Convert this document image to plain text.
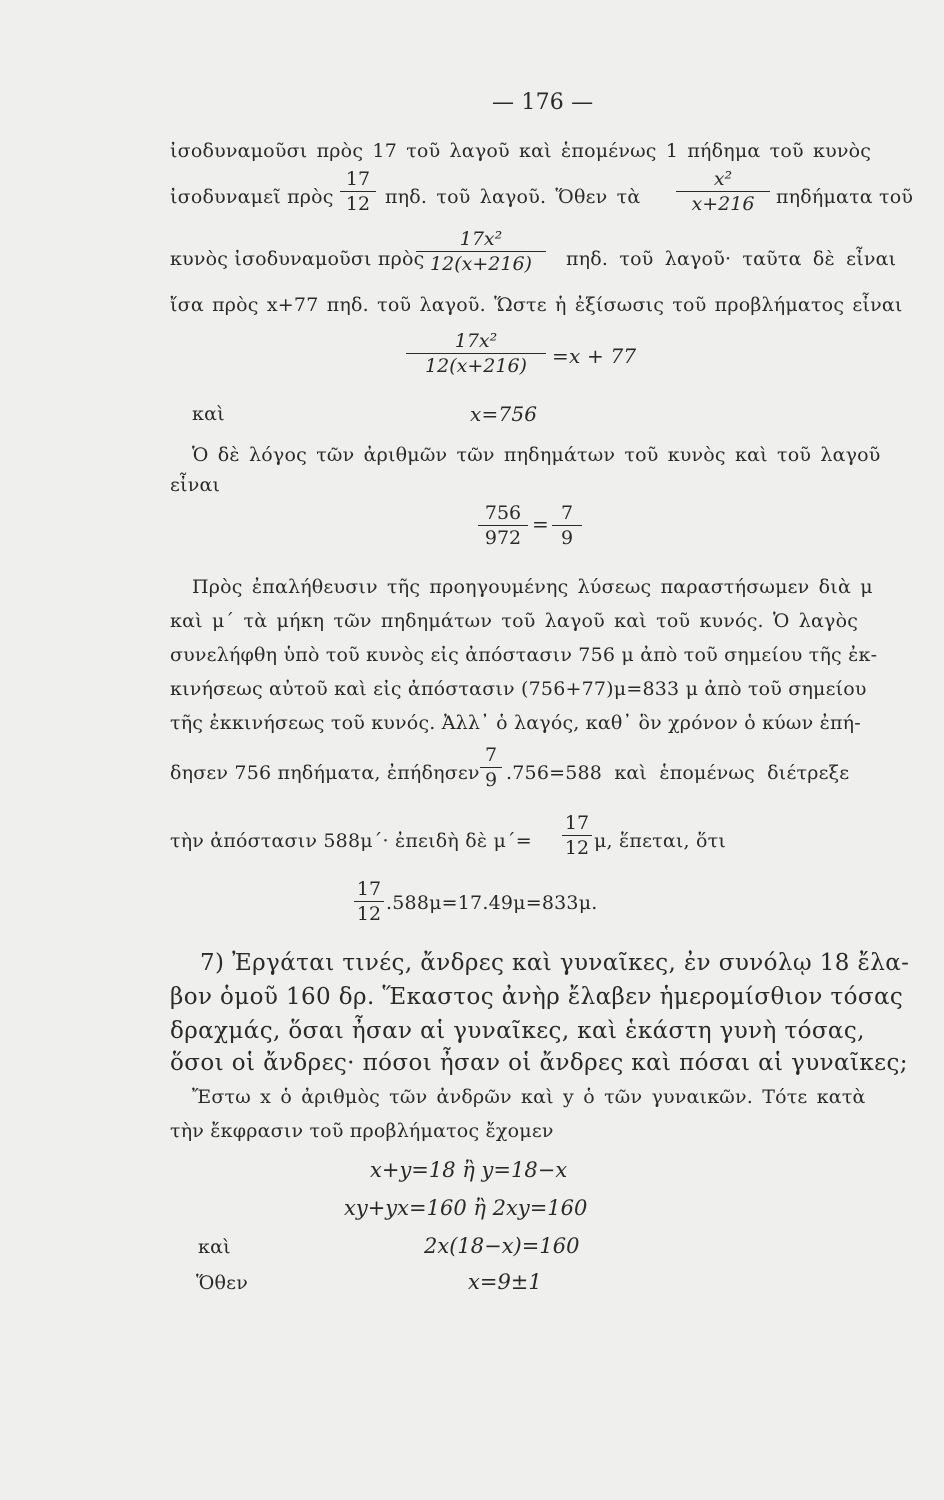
— 176 —
ἰσοδυναμοῦσι πρὸς 17 τοῦ λαγοῦ καὶ ἑπομένως 1 πήδημα τοῦ κυνὸς
ἰσοδυναμεῖ πρὸς
17
12 πηδ. τοῦ λαγοῦ. Ὅθεν τὰ
x²
x+216	πηδήματα τοῦ
κυνὸς ἰσοδυναμοῦσι πρὸς
17x²
12(x+216)	πηδ. τοῦ λαγοῦ· ταῦτα δὲ εἶναι
ἴσα πρὸς x+77 πηδ. τοῦ λαγοῦ. Ὥστε ἡ ἐξίσωσις τοῦ προβλήματος εἶναι
17x²
12(x+216)	=x + 77
καὶ	x=756
Ὁ δὲ λόγος τῶν ἀριθμῶν τῶν πηδημάτων τοῦ κυνὸς καὶ τοῦ λαγοῦ
εἶναι
756
972
= 7
9
Πρὸς ἐπαλήθευσιν τῆς προηγουμένης λύσεως παραστήσωμεν διὰ μ
καὶ μ΄ τὰ μήκη τῶν πηδημάτων τοῦ λαγοῦ καὶ τοῦ κυνός. Ὁ λαγὸς
συνελήφθη ὑπὸ τοῦ κυνὸς εἰς ἀπόστασιν 756 μ ἀπὸ τοῦ σημείου τῆς ἐκ-
κινήσεως αὐτοῦ καὶ εἰς ἀπόστασιν (756+77)μ=833 μ ἀπὸ τοῦ σημείου
τῆς ἐκκινήσεως τοῦ κυνός. Ἀλλ᾽ ὁ λαγός, καθ᾽ ὃν χρόνον ὁ κύων ἐπή-
δησεν 756 πηδήματα, ἐπήδησεν
7
9 .756=588 καὶ ἑπομένως διέτρεξε
τὴν ἀπόστασιν 588μ΄· ἐπειδὴ δὲ μ΄=
17
12 μ, ἕπεται, ὅτι
17
12 .588μ=17.49μ=833μ.
7) Ἐργάται τινές, ἄνδρες καὶ γυναῖκες, ἐν συνόλῳ 18 ἔλα-
βον ὁμοῦ 160 δρ. Ἕκαστος ἀνὴρ ἔλαβεν ἡμερομίσθιον τόσας
δραχμάς, ὅσαι ἦσαν αἱ γυναῖκες, καὶ ἑκάστη γυνὴ τόσας,
ὅσοι οἱ ἄνδρες· πόσοι ἦσαν οἱ ἄνδρες καὶ πόσαι αἱ γυναῖκες;
Ἔστω x ὁ ἀριθμὸς τῶν ἀνδρῶν καὶ y ὁ τῶν γυναικῶν. Τότε κατὰ
τὴν ἔκφρασιν τοῦ προβλήματος ἔχομεν
x+y=18 ἢ y=18−x
xy+yx=160 ἢ 2xy=160
καὶ	2x(18−x)=160
Ὅθεν	x=9±1
